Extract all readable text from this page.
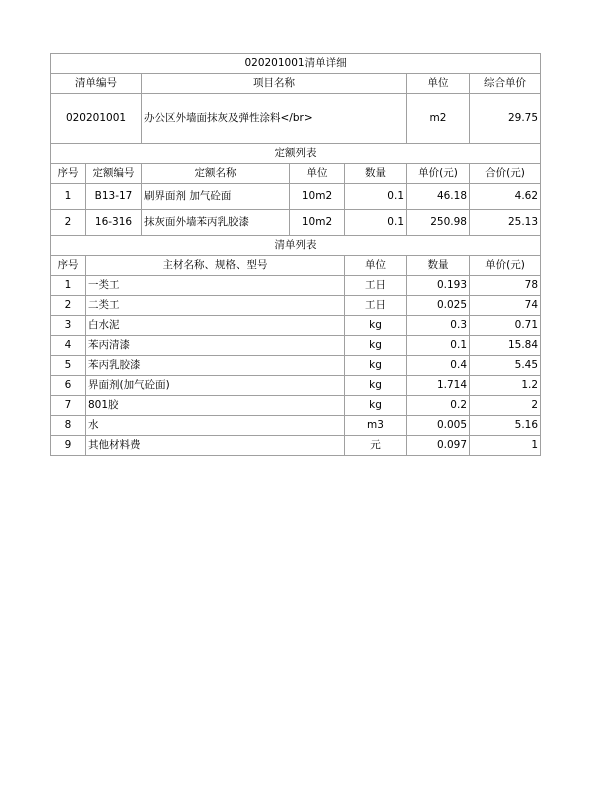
020201001清单详细							
清单编号		项目名称			单位	综合单价	
020201001		办公区外墙面抹灰及弹性涂料</br>			m2	29.75	
定额列表							
序号	定额编号	定额名称	单位	数量	单价(元)	合价(元)	
1	B13-17	刷界面剂 加气砼面	10m2	0.1	46.18	4.62	
2	16-316	抹灰面外墙苯丙乳胶漆	10m2	0.1	250.98	25.13	
清单列表							
序号	主材名称、规格、型号			单位	数量	单价(元)	
1	一类工			工日	0.193	78	
2	二类工			工日	0.025	74	
3	白水泥			kg	0.3	0.71	
4	苯丙清漆			kg	0.1	15.84	
5	苯丙乳胶漆			kg	0.4	5.45	
6	界面剂(加气砼面)			kg	1.714	1.2	
7	801胶			kg	0.2	2	
8	水			m3	0.005	5.16	
9	其他材料费			元	0.097	1	
